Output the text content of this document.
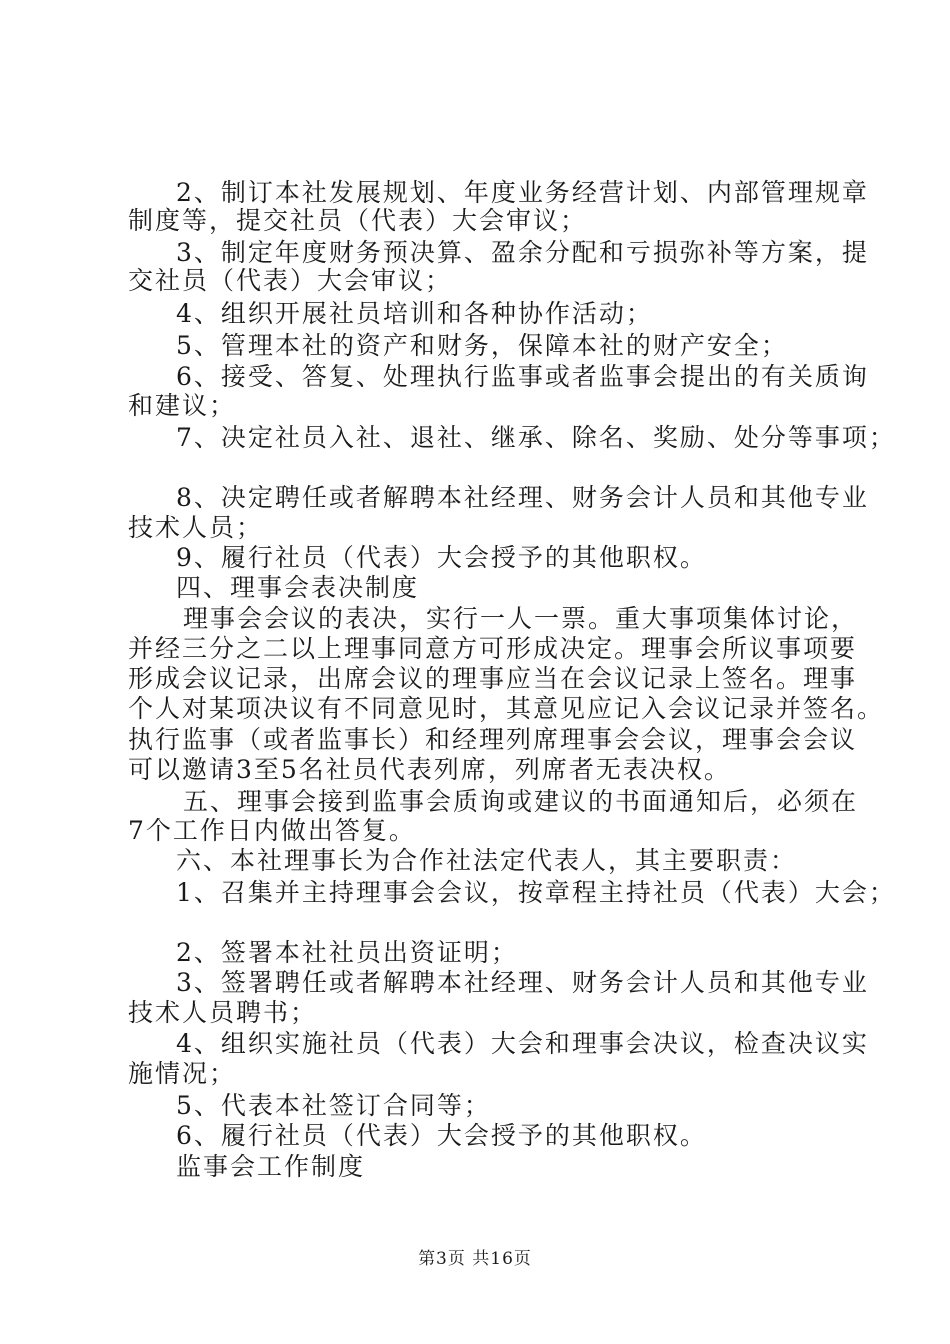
2、制订本社发展规划、年度业务经营计划、内部管理规章
制度等，提交社员（代表）大会审议；
3、制定年度财务预决算、盈余分配和亏损弥补等方案，提
交社员（代表）大会审议；
4、组织开展社员培训和各种协作活动；
5、管理本社的资产和财务，保障本社的财产安全；
6、接受、答复、处理执行监事或者监事会提出的有关质询
和建议；
7、决定社员入社、退社、继承、除名、奖励、处分等事项；
8、决定聘任或者解聘本社经理、财务会计人员和其他专业
技术人员；
9、履行社员（代表）大会授予的其他职权。
四、理事会表决制度
理事会会议的表决，实行一人一票。重大事项集体讨论，
并经三分之二以上理事同意方可形成决定。理事会所议事项要
形成会议记录，出席会议的理事应当在会议记录上签名。理事
个人对某项决议有不同意见时，其意见应记入会议记录并签名。
执行监事（或者监事长）和经理列席理事会会议，理事会会议
可以邀请3至5名社员代表列席，列席者无表决权。
五、理事会接到监事会质询或建议的书面通知后，必须在
7个工作日内做出答复。
六、本社理事长为合作社法定代表人，其主要职责：
1、召集并主持理事会会议，按章程主持社员（代表）大会；
2、签署本社社员出资证明；
3、签署聘任或者解聘本社经理、财务会计人员和其他专业
技术人员聘书；
4、组织实施社员（代表）大会和理事会决议，检查决议实
施情况；
5、代表本社签订合同等；
6、履行社员（代表）大会授予的其他职权。
监事会工作制度
第3页 共16页
